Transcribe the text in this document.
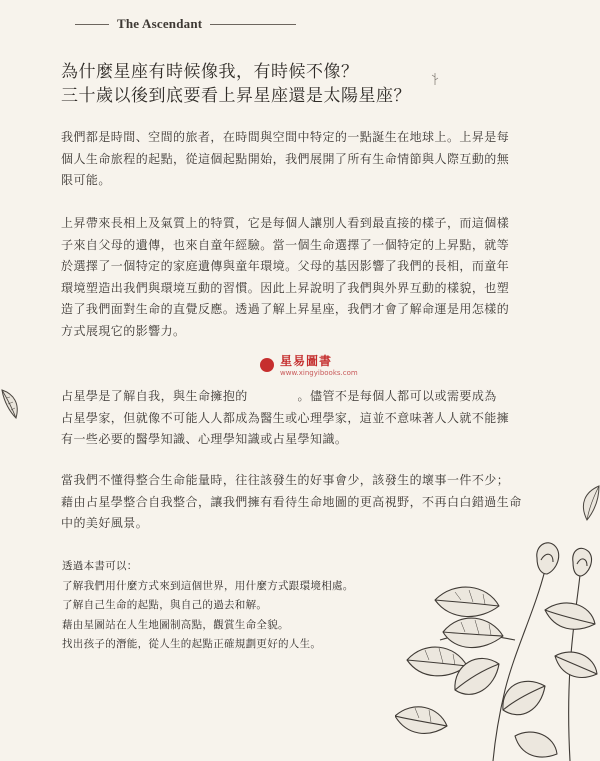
The Ascendant
為什麼星座有時候像我，有時候不像？
三十歲以後到底要看上昇星座還是太陽星座？

我們都是時間、空間的旅者，在時間與空間中特定的一點誕生在地球上。上昇是每

個人生命旅程的起點，從這個起點開始，我們展開了所有生命情節與人際互動的無

限可能。

上昇帶來長相上及氣質上的特質，它是每個人讓別人看到最直接的樣子，而這個樣

子來自父母的遺傳，也來自童年經驗。當一個生命選擇了一個特定的上昇點，就等

於選擇了一個特定的家庭遺傳與童年環境。父母的基因影響了我們的長相，而童年

環境塑造出我們與環境互動的習慣。因此上昇說明了我們與外界互動的樣貌，也塑

造了我們面對生命的直覺反應。透過了解上昇星座，我們才會了解命運是用怎樣的

方式展現它的影響力。

占星學是了解自我，與生命擁抱的　　　　。儘管不是每個人都可以或需要成為

占星學家，但就像不可能人人都成為醫生或心理學家，這並不意味著人人就不能擁

有一些必要的醫學知識、心理學知識或占星學知識。

當我們不懂得整合生命能量時，往往該發生的好事會少，該發生的壞事一件不少；

藉由占星學整合自我整合，讓我們擁有看待生命地圖的更高視野，不再白白錯過生命

中的美好風景。

透過本書可以：
了解我們用什麼方式來到這個世界，用什麼方式跟環境相處。
了解自己生命的起點，與自己的過去和解。
藉由星圖站在人生地圖制高點，觀賞生命全貌。
找出孩子的潛能，從人生的起點正確規劃更好的人生。
星易圖書
www.xingyibooks.com
